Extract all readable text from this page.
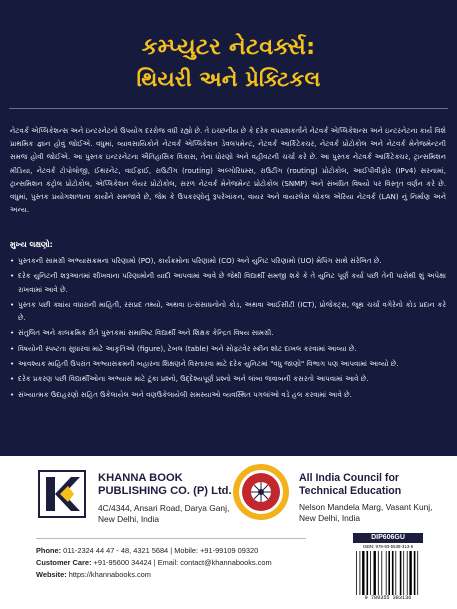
કમ્પ્યુટર નેટવર્ક્સ:
થિયરી અને પ્રેક્ટિકલ

નેટવર્ક એપ્લિકેશન્સ અને ઇન્ટરનેટનો ઉપયોગ દરરોજ વધી રહ્યો છે. તે ઇચ્છનીય છે કે દરેક વપરાશકર્તાને નેટવર્ક એપ્લિકેશન્સ અને ઇન્ટરનેટના કાર્ય વિશે પ્રાથમિક જ્ઞાન હોવું જોઈએ. વધુમાં, વ્યાવસાયિકોને નેટવર્ક એપ્લિકેશન ડેવલપમેન્ટ, નેટવર્ક આર્કિટેક્ચર, નેટવર્ક પ્રોટોકોલ અને નેટવર્ક મેનેજમેન્ટની સમજ હોવી જોઈએ. આ પુસ્તક ઇન્ટરનેટના ઐતિહાસિક વિકાસ, તેના ધોરણો અને વહીવટની ચર્ચા કરે છે. આ પુસ્તક નેટવર્ક આર્કિટેક્ચર, ટ્રાન્સમિશન મીડિયા, નેટવર્ક ટોપોલોજી, ઈથરનેટ, વાઈફાઈ, રાઉટીંગ (routing) અલ્ગોરિધમ્સ, રાઉટીંગ (routing) પ્રોટોકોલ, આઈપીવીફોર (IPv4) સરનામાં, ટ્રાન્સમિશન કંટ્રોલ પ્રોટોકોલ, એપ્લિકેશન લેયર પ્રોટોકોલ, સરળ નેટવર્ક મેનેજમેન્ટ પ્રોટોકોલ (SNMP) અને સંબંધિત વિષયો પર વિસ્તૃત વર્ણન કરે છે. વધુમાં, પુસ્તક પ્રયોગશાળાના કાર્યોને સમજાવે છે, જેમ કે ઉપકરણોનું રૂપરેખાંકન, વાયર અને વાયરલેસ લોકલ એરિયા નેટવર્ક (LAN) નું નિર્માણ અને અન્ય.

મુખ્ય લક્ષણો:
• પુસ્તકની સામગ્રી અભ્યાસક્રમના પરિણામો (PO), કાર્યક્રમોના પરિણામો (CO) અને યુનિટ પરિણામો (UO) મેપિંગ સાથે સંરેખિત છે.
• દરેક યુનિટની શરૂઆતમાં શીખવાના પરિણામોની યાદી આપવામાં આવે છે જેથી વિદ્યાર્થી સમજી શકે કે તે યુનિટ પૂર્ણ કર્યા પછી તેની પાસેથી શું અપેક્ષા રાખવામાં આવે છે.
• પુસ્તક પછી ક્યાંય વધારાની માહિતી, રસપ્રદ તથ્યો, અથવા ઇ-સંસાધનોનો કોડ, અથવા આઈસીટી (ICT), પ્રોજેક્ટ્સ, જૂથ ચર્ચા વગેરેનો કોડ પ્રદાન કરે છે.
• સંતુલિત અને કાલક્રમિક રીતે પુસ્તકમાં સમાવિષ્ટ વિદ્યાર્થી અને શિક્ષક કેન્દ્રિત વિષય સામગ્રી.
• વિષયોની સ્પષ્ટતા સુધારવા માટે આકૃતિઓ (figure), ટેબલ (table) અને સોફ્ટવેર સ્ક્રીન શૉટ દાખલ કરવામાં આવ્યા છે.
• આવશ્યક માહિતી ઉપરાંત અભ્યાસક્રમની બહારના શિક્ષણને વિસ્તારવા માટે દરેક યુનિટમાં "વધુ જાણો" વિભાગ પણ આપવામાં આવ્યો છે.
• દરેક પ્રકરણ પછી વિદ્યાર્થીઓના અભ્યાસ માટે ટૂંકા પ્રશ્નો, ઉદ્દેશ્યપૂર્ણ પ્રશ્નો અને લાંબા જવાબની કસરતો આપવામાં આવે છે.
• સંખ્યાત્મક ઉદાહરણો સહિત ઉકેલાયેલ અને વણઉકેલાયેલી સમસ્યાઓ વ્યવસ્થિત પગલાંઓ વડે હલ કરવામાં આવે છે.
KHANNA BOOK
PUBLISHING CO. (P) Ltd.
4C/4344, Ansari Road, Darya Ganj,
New Delhi, India
All India Council for
Technical Education
Nelson Mandela Marg, Vasant Kunj,
New Delhi, India
Phone: 011-2324 44 47 - 48, 4321 5684 | Mobile: +91-99109 09320
Customer Care: +91-95600 34424 | Email: contact@khannabooks.com
Website: https://khannabooks.com
DIP606GU
ISBN: 978-93-5538-313-6
9 789355 383136
